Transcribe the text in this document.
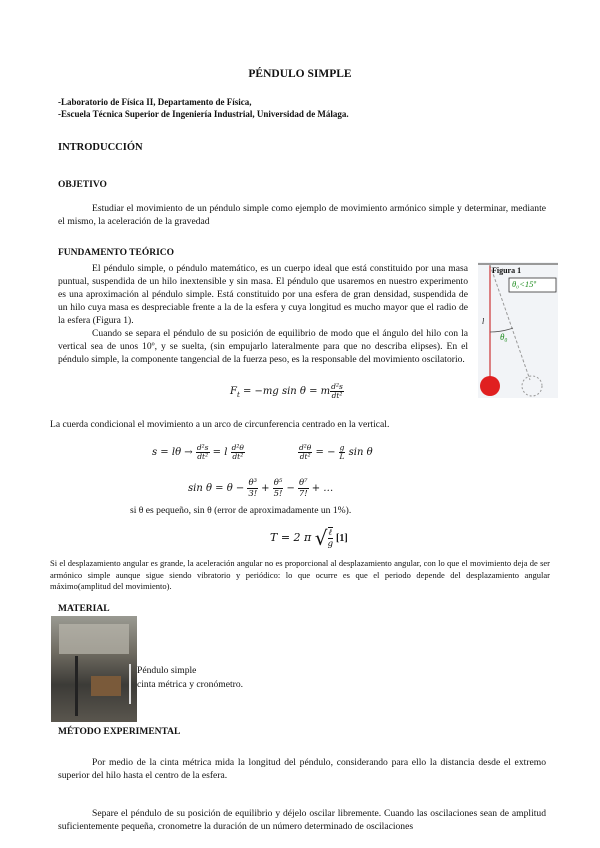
PÉNDULO SIMPLE
-Laboratorio de Física II, Departamento de Física,
-Escuela Técnica Superior de Ingeniería Industrial, Universidad de Málaga.
INTRODUCCIÓN
OBJETIVO
Estudiar el movimiento de un péndulo simple como ejemplo de movimiento armónico simple y determinar, mediante el mismo, la aceleración de la gravedad
FUNDAMENTO TEÓRICO
El péndulo simple, o péndulo matemático, es un cuerpo ideal que está constituido por una masa puntual, suspendida de un hilo inextensible y sin masa. El péndulo que usaremos en nuestro experimento es una aproximación al péndulo simple. Está constituido por una esfera de gran densidad, suspendida de un hilo cuya masa es despreciable frente a la de la esfera y cuya longitud es mucho mayor que el radio de la esfera (Figura 1).
Cuando se separa el péndulo de su posición de equilibrio de modo que el ángulo del hilo con la vertical sea de unos 10º, y se suelta, (sin empujarlo lateralmente para que no describa elipses). En el péndulo simple, la componente tangencial de la fuerza peso, es la responsable del movimiento oscilatorio.
Figura 1
θ₀<15º
θ₀
l
$F_t = -mg$ sin θ = m $\frac{\text{d²s}}{\text{dt²}}$
La cuerda condicional el movimiento a un arco de circunferencia centrado en la vertical.
$s = l\theta \to \frac{\text{d²s}}{\text{dt²}} = l \frac{\text{d²θ}}{\text{dt²}}$	$\frac{\text{d²θ}}{\text{dt²}}$ = − $\frac{g}{L}$ sin θ
$\sin \theta = \theta - \frac{\text{θ³}}{3!} + \frac{\text{θ⁵}}{5!} - \frac{\text{θ⁷}}{7!}$ + …
si θ es pequeño, sin θ (error de aproximadamente un 1%).
T = 2 π √ $\frac{\text{ℓ}}{g} [1]$
Si el desplazamiento angular es grande, la aceleración angular no es proporcional al desplazamiento angular, con lo que el movimiento deja de ser armónico simple aunque sigue siendo vibratorio y periódico: lo que ocurre es que el periodo depende del desplazamiento angular máximo(amplitud del movimiento).
MATERIAL
Péndulo simple
cinta métrica y cronómetro.
MÉTODO EXPERIMENTAL
Por medio de la cinta métrica mida la longitud del péndulo, considerando para ello la distancia desde el extremo superior del hilo hasta el centro de la esfera.
Separe el péndulo de su posición de equilibrio y déjelo oscilar libremente. Cuando las oscilaciones sean de amplitud suficientemente pequeña, cronometre la duración de un número determinado de oscilaciones
